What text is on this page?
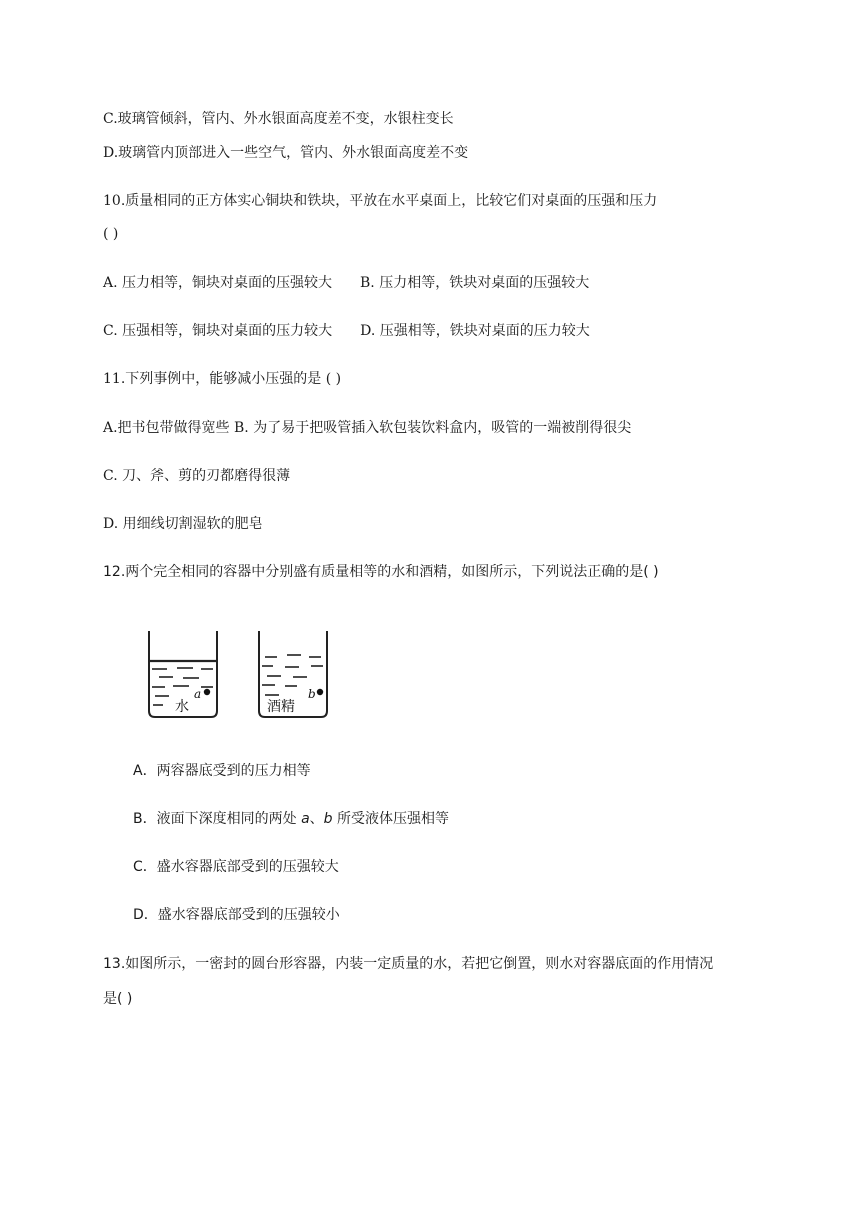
C.玻璃管倾斜，管内、外水银面高度差不变，水银柱变长
D.玻璃管内顶部进入一些空气，管内、外水银面高度差不变
10.质量相同的正方体实心铜块和铁块，平放在水平桌面上，比较它们对桌面的压强和压力
( )
A. 压力相等，铜块对桌面的压强较大 B. 压力相等，铁块对桌面的压强较大
C. 压强相等，铜块对桌面的压力较大 D. 压强相等，铁块对桌面的压力较大
11.下列事例中，能够减小压强的是 ( )
A.把书包带做得宽些 B. 为了易于把吸管插入软包装饮料盒内，吸管的一端被削得很尖
C. 刀、斧、剪的刃都磨得很薄
D. 用细线切割湿软的肥皂
12.两个完全相同的容器中分别盛有质量相等的水和酒精，如图所示，下列说法正确的是( )
水
a
酒精
b
A．两容器底受到的压力相等
B．液面下深度相同的两处 a、b 所受液体压强相等
C．盛水容器底部受到的压强较大
D．盛水容器底部受到的压强较小
13.如图所示，一密封的圆台形容器，内装一定质量的水，若把它倒置，则水对容器底面的作用情况
是( )
